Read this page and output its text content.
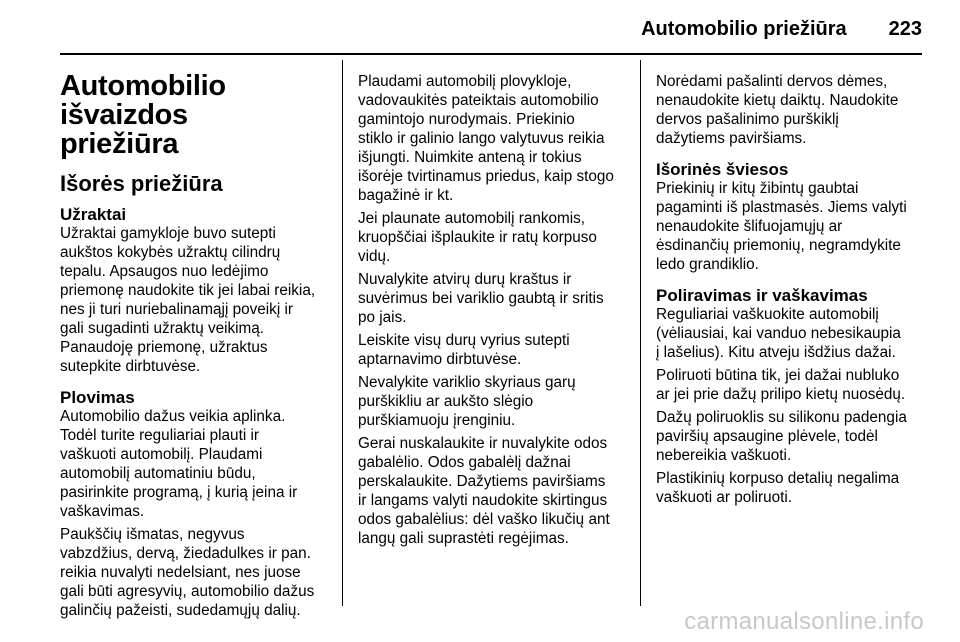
Automobilio priežiūra 223
Automobilio išvaizdos
priežiūra
Išorės priežiūra
Užraktai

Užraktai gamykloje buvo sutepti
aukštos kokybės užraktų cilindrų
tepalu. Apsaugos nuo ledėjimo
priemonę naudokite tik jei labai reikia,
nes ji turi nuriebalinamąjį poveikį ir
gali sugadinti užraktų veikimą.
Panaudoję priemonę, užraktus
sutepkite dirbtuvėse.

Plovimas

Automobilio dažus veikia aplinka.
Todėl turite reguliariai plauti ir
vaškuoti automobilį. Plaudami
automobilį automatiniu būdu,
pasirinkite programą, į kurią įeina ir
vaškavimas.

Paukščių išmatas, negyvus
vabzdžius, dervą, žiedadulkes ir pan.
reikia nuvalyti nedelsiant, nes juose
gali būti agresyvių, automobilio dažus
galinčių pažeisti, sudedamųjų dalių.

Plaudami automobilį plovykloje,
vadovaukitės pateiktais automobilio
gamintojo nurodymais. Priekinio
stiklo ir galinio lango valytuvus reikia
išjungti. Nuimkite anteną ir tokius
išorėje tvirtinamus priedus, kaip stogo
bagažinė ir kt.

Jei plaunate automobilį rankomis,
kruopščiai išplaukite ir ratų korpuso
vidų.

Nuvalykite atvirų durų kraštus ir
suvėrimus bei variklio gaubtą ir sritis
po jais.

Leiskite visų durų vyrius sutepti
aptarnavimo dirbtuvėse.

Nevalykite variklio skyriaus garų
purškikliu ar aukšto slėgio
purškiamuoju įrenginiu.

Gerai nuskalaukite ir nuvalykite odos
gabalėlio. Odos gabalėlį dažnai
perskalaukite. Dažytiems paviršiams
ir langams valyti naudokite skirtingus
odos gabalėlius: dėl vaško likučių ant
langų gali suprastėti regėjimas.

Norėdami pašalinti dervos dėmes,
nenaudokite kietų daiktų. Naudokite
dervos pašalinimo purškiklį
dažytiems paviršiams.

Išorinės šviesos

Priekinių ir kitų žibintų gaubtai
pagaminti iš plastmasės. Jiems valyti
nenaudokite šlifuojamųjų ar
ėsdinančių priemonių, negramdykite
ledo grandiklio.

Poliravimas ir vaškavimas

Reguliariai vaškuokite automobilį
(vėliausiai, kai vanduo nebesikaupia
į lašelius). Kitu atveju išdžius dažai.

Poliruoti būtina tik, jei dažai nubluko
ar jei prie dažų prilipo kietų nuosėdų.

Dažų poliruoklis su silikonu padengia
paviršių apsaugine plėvele, todėl
nebereikia vaškuoti.

Plastikinių korpuso detalių negalima
vaškuoti ar poliruoti.

carmanualsonline.info
